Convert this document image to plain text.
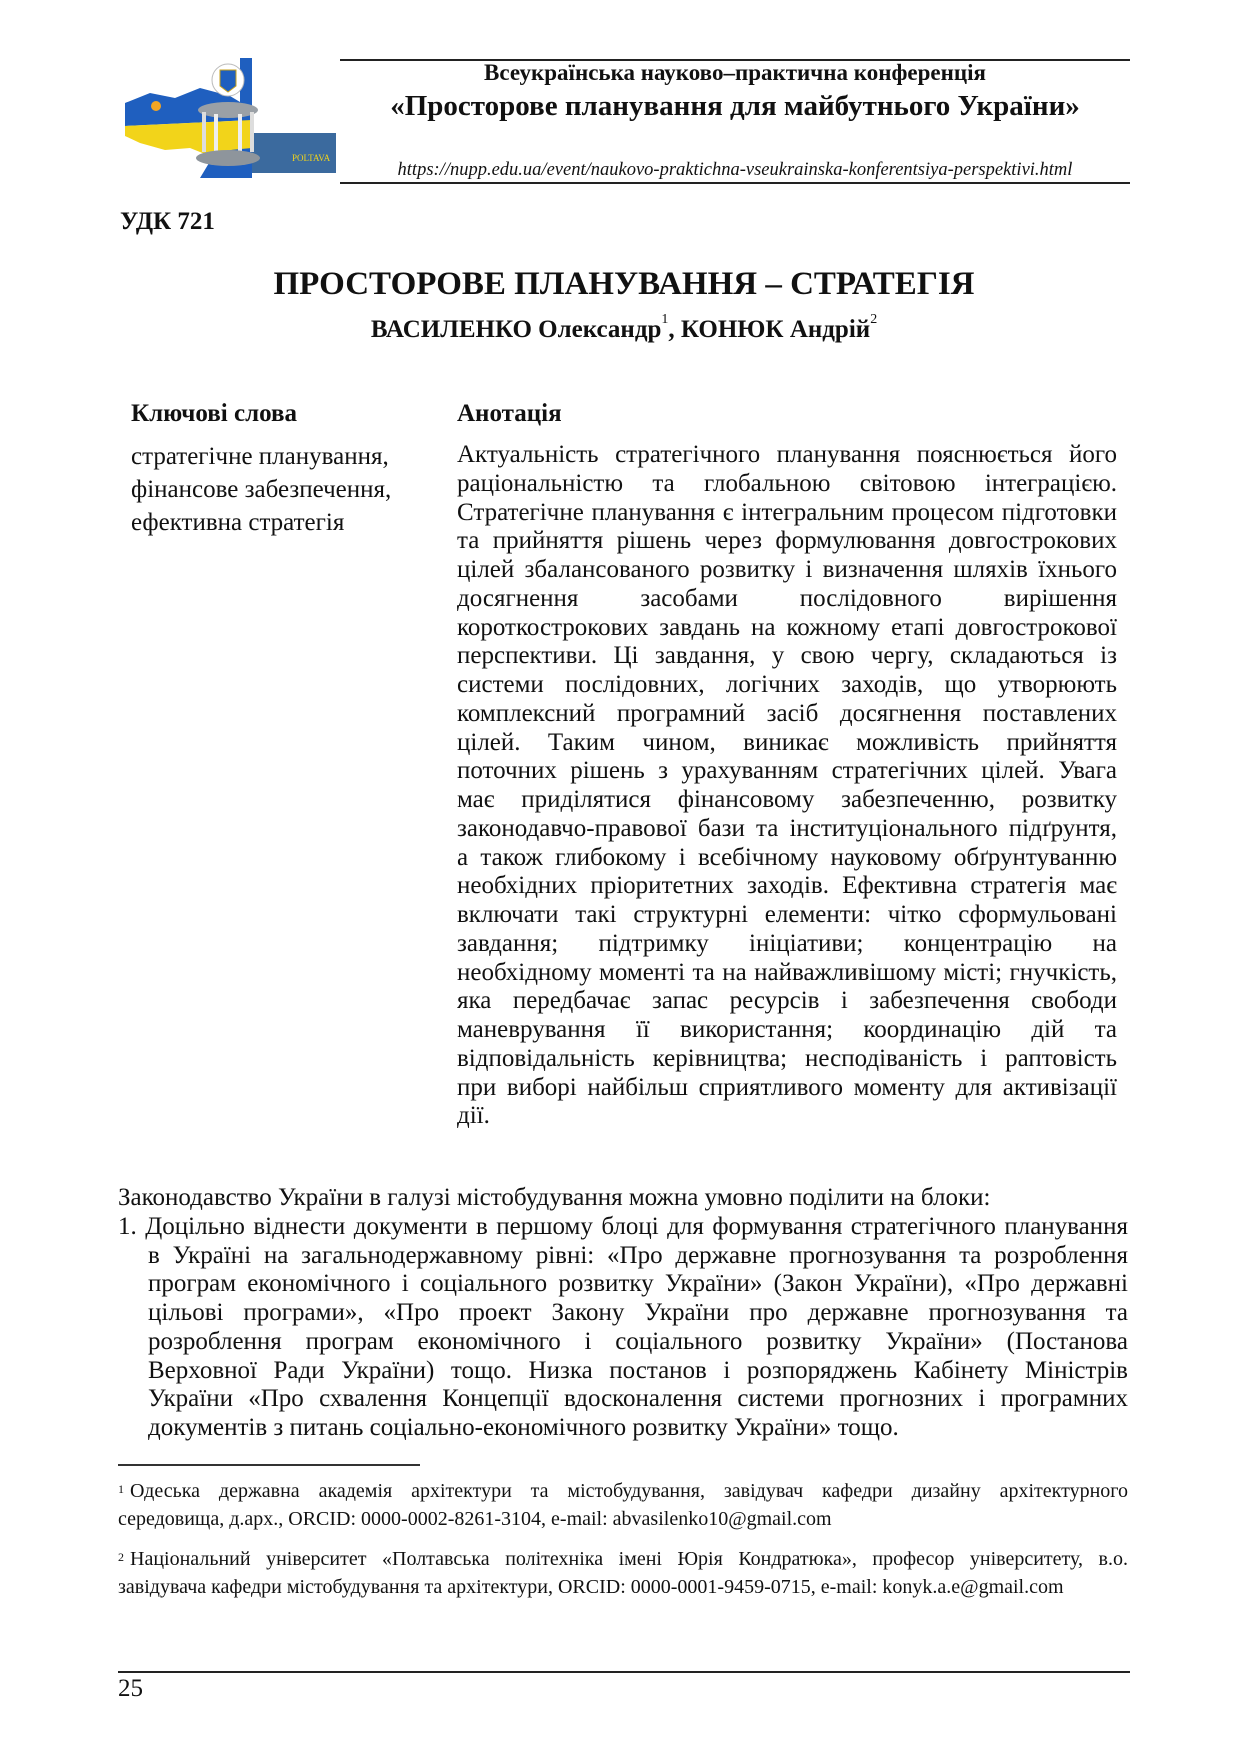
POLTAVA
Всеукраїнська науково–практична конференція
«Просторове планування для майбутнього України»
https://nupp.edu.ua/event/naukovo-praktichna-vseukrainska-konferentsiya-perspektivi.html
УДК 721
ПРОСТОРОВЕ ПЛАНУВАННЯ – СТРАТЕГІЯ
ВАСИЛЕНКО Олександр$^1$, КОНЮК Андрій$^2$
Ключові слова	Анотація
стратегічне планування,
фінансове забезпечення,
ефективна стратегія
Актуальність стратегічного планування пояснюється його
раціональністю та глобальною світовою інтеграцією.
Стратегічне планування є інтегральним процесом підготовки
та прийняття рішень через формулювання довгострокових
цілей збалансованого розвитку і визначення шляхів їхнього
досягнення засобами послідовного вирішення
короткострокових завдань на кожному етапі довгострокової
перспективи. Ці завдання, у свою чергу, складаються із
системи послідовних, логічних заходів, що утворюють
комплексний програмний засіб досягнення поставлених
цілей. Таким чином, виникає можливість прийняття
поточних рішень з урахуванням стратегічних цілей. Увага
має приділятися фінансовому забезпеченню, розвитку
законодавчо-правової бази та інституціонального підґрунтя,
а також глибокому і всебічному науковому обґрунтуванню
необхідних пріоритетних заходів. Ефективна стратегія має
включати такі структурні елементи: чітко сформульовані
завдання; підтримку ініціативи; концентрацію на
необхідному моменті та на найважливішому місті; гнучкість,
яка передбачає запас ресурсів і забезпечення свободи
маневрування її використання; координацію дій та
відповідальність керівництва; несподіваність і раптовість
при виборі найбільш сприятливого моменту для активізації
дії.
Законодавство України в галузі містобудування можна умовно поділити на блоки:
1. Доцільно віднести документи в першому блоці для формування стратегічного планування
в Україні на загальнодержавному рівні: «Про державне прогнозування та розроблення
програм економічного і соціального розвитку України» (Закон України), «Про державні
цільові програми», «Про проект Закону України про державне прогнозування та
розроблення програм економічного і соціального розвитку України» (Постанова
Верховної Ради України) тощо. Низка постанов і розпоряджень Кабінету Міністрів
України «Про схвалення Концепції вдосконалення системи прогнозних і програмних
документів з питань соціально-економічного розвитку України» тощо.
$^1$ Одеська державна академія архітектури та містобудування, завідувач кафедри дизайну архітектурного
середовища, д.арх., ORCID: 0000-0002-8261-3104, e-mail: abvasilenko10@gmail.com
$^2$ Національний університет «Полтавська політехніка імені Юрія Кондратюка», професор університету, в.о.
завідувача кафедри містобудування та архітектури, ORCID: 0000-0001-9459-0715, e-mail: konyk.a.e@gmail.com
25
